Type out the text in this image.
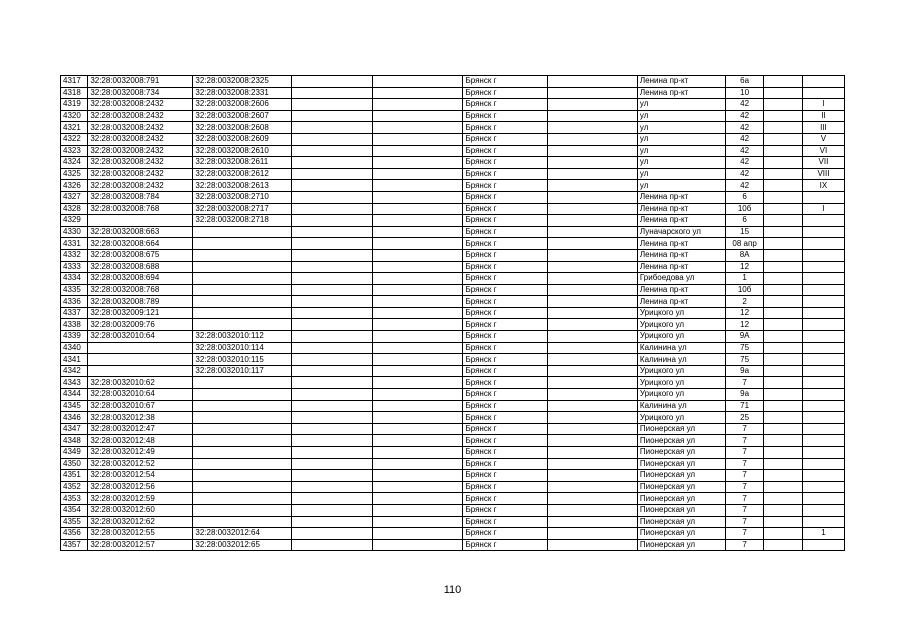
4317	32:28:0032008:791	32:28:0032008:2325			Брянск г		Ленина пр-кт	6а		
4318	32:28:0032008:734	32:28:0032008:2331			Брянск г		Ленина пр-кт	10		
4319	32:28:0032008:2432	32:28:0032008:2606			Брянск г		ул	42		I
4320	32:28:0032008:2432	32:28:0032008:2607			Брянск г		ул	42		II
4321	32:28:0032008:2432	32:28:0032008:2608			Брянск г		ул	42		III
4322	32:28:0032008:2432	32:28:0032008:2609			Брянск г		ул	42		V
4323	32:28:0032008:2432	32:28:0032008:2610			Брянск г		ул	42		VI
4324	32:28:0032008:2432	32:28:0032008:2611			Брянск г		ул	42		VII
4325	32:28:0032008:2432	32:28:0032008:2612			Брянск г		ул	42		VIII
4326	32:28:0032008:2432	32:28:0032008:2613			Брянск г		ул	42		IX
4327	32:28:0032008:784	32:28:0032008:2710			Брянск г		Ленина пр-кт	6		
4328	32:28:0032008:768	32:28:0032008:2717			Брянск г		Ленина пр-кт	10б		I
4329		32:28:0032008:2718			Брянск г		Ленина пр-кт	6		
4330	32:28:0032008:663				Брянск г		Луначарского ул	15		
4331	32:28:0032008:664				Брянск г		Ленина пр-кт	08 апр		
4332	32:28:0032008:675				Брянск г		Ленина пр-кт	8А		
4333	32:28:0032008:688				Брянск г		Ленина пр-кт	12		
4334	32:28:0032008:694				Брянск г		Грибоедова ул	1		
4335	32:28:0032008:768				Брянск г		Ленина пр-кт	10б		
4336	32:28:0032008:789				Брянск г		Ленина пр-кт	2		
4337	32:28:0032009:121				Брянск г		Урицкого ул	12		
4338	32:28:0032009:76				Брянск г		Урицкого ул	12		
4339	32:28:0032010:64	32:28:0032010:112			Брянск г		Урицкого ул	9А		
4340		32:28:0032010:114			Брянск г		Калинина ул	75		
4341		32:28:0032010:115			Брянск г		Калинина ул	75		
4342		32:28:0032010:117			Брянск г		Урицкого ул	9а		
4343	32:28:0032010:62				Брянск г		Урицкого ул	7		
4344	32:28:0032010:64				Брянск г		Урицкого ул	9а		
4345	32:28:0032010:67				Брянск г		Калинина ул	71		
4346	32:28:0032012:38				Брянск г		Урицкого ул	25		
4347	32:28:0032012:47				Брянск г		Пионерская ул	7		
4348	32:28:0032012:48				Брянск г		Пионерская ул	7		
4349	32:28:0032012:49				Брянск г		Пионерская ул	7		
4350	32:28:0032012:52				Брянск г		Пионерская ул	7		
4351	32:28:0032012:54				Брянск г		Пионерская ул	7		
4352	32:28:0032012:56				Брянск г		Пионерская ул	7		
4353	32:28:0032012:59				Брянск г		Пионерская ул	7		
4354	32:28:0032012:60				Брянск г		Пионерская ул	7		
4355	32:28:0032012:62				Брянск г		Пионерская ул	7		
4356	32:28:0032012:55	32:28:0032012:64			Брянск г		Пионерская ул	7		1
4357	32:28:0032012:57	32:28:0032012:65			Брянск г		Пионерская ул	7		
110
